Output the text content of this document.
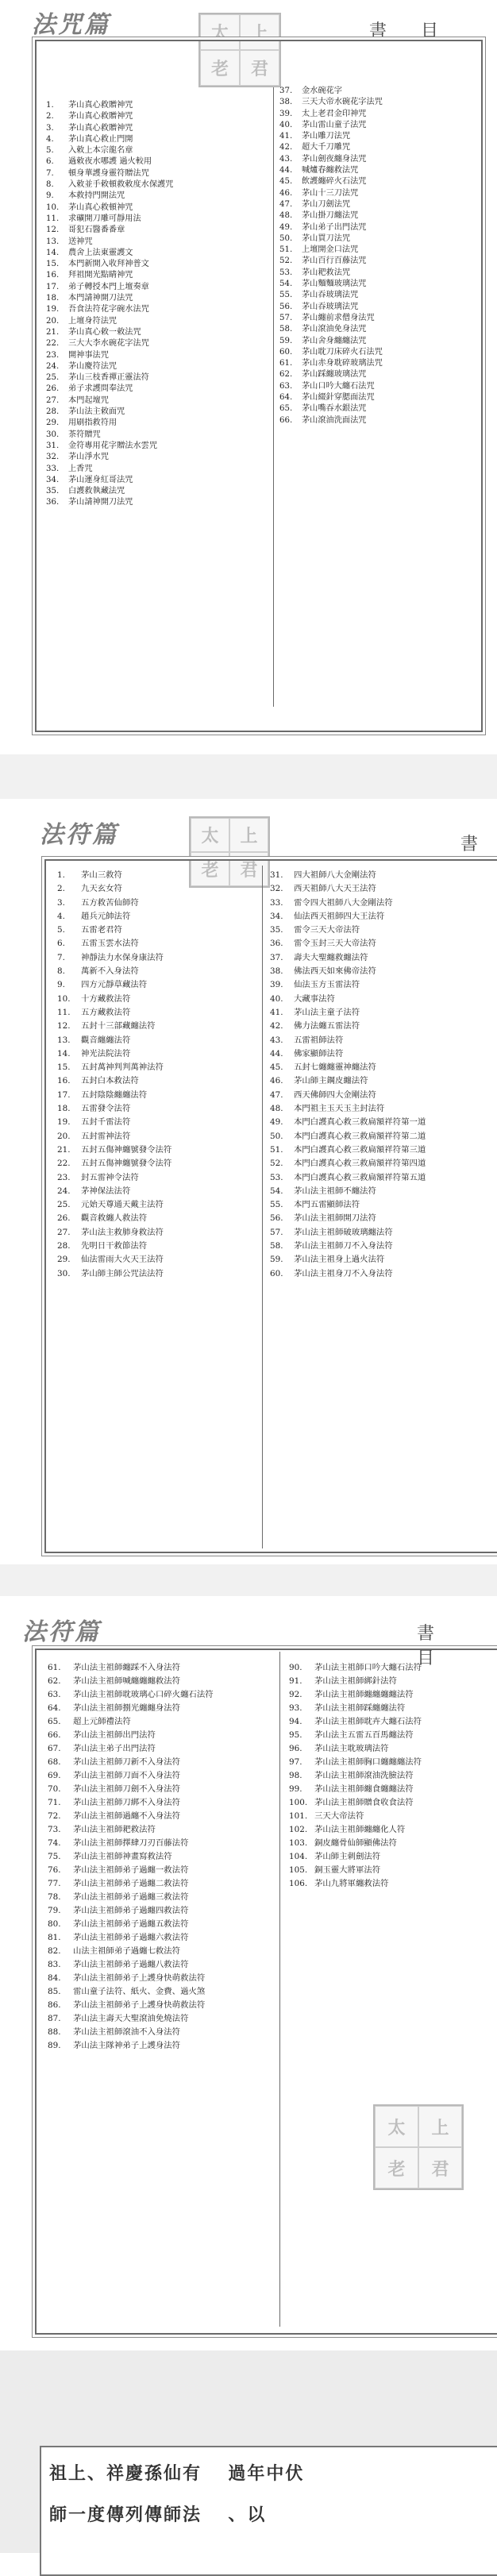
法咒篇	太	上
老	君
書 目
1.	茅山真心救贈神咒
2.	茅山真心救贈神咒
3.	茅山真心救贈神咒
4.	茅山真心救止門開
5.	入敕上本宗龍名章
6.	過敕夜水哪護 過火較用
7.	頓身華護身靈符贈法咒
8.	入敕並手敕頓救敕度水保護咒
9.	本救持門開法咒
10.	茅山真心救頓神咒
11.	求礦開刀雕可靜用法
12.	哥犯石醫番番章
13.	送神咒
14.	農舍上法東靈護文
15.	本門新開入收拜神普文
16.	拜祖開光點睛神咒
17.	弟子轉授本門上壇奏章
18.	本門請神開刀法咒
19.	吾食法符花字碗水法咒
20.	上壇身符法咒
21.	茅山真心敕一敕法咒
22.	三大大李水碗花字法咒
23.	開神事法咒
24.	茅山慶符法咒
25.	茅山三枝香禪正靈法符
26.	弟子求護問奉法咒
27.	本門起壇咒
28.	茅山法主敕面咒
29.	用刷指救符用
30.	茶符贈咒
31.	金符專用花字贈法水雲咒
32.	茅山淨水咒
33.	上香咒
34.	茅山運身紅哥法咒
35.	白護救執藏法咒
36.	茅山請神開刀法咒
37.	金水碗花字
38.	三天大帝水碗花字法咒
39.	太上老君金印神咒
40.	茅山雷山童子法咒
41.	茅山雕刀法咒
42.	超大千刀雕咒
43.	茅山劍夜纏身法咒
44.	喊爐春纏救法咒
45.	飲護纏碎火石法咒
46.	茅山十三刀法咒
47.	茅山刀劍法咒
48.	茅山掛刀纏法咒
49.	茅山弟子出門法咒
50.	茅山買刀法咒
51.	上壇開金口法咒
52.	茅山百行百藤法咒
53.	茅山耙救法咒
54.	茅山麵麵玻璃法咒
55.	茅山吞玻璃法咒
56.	茅山吞玻璃法咒
57.	茅山纏前求僧身法咒
58.	茅山滾油免身法咒
59.	茅山舍身纏纏法咒
60.	茅山耽刀床碎火石法咒
61.	茅山赤身耽碎玻璃法咒
62.	茅山踩纏玻璃法咒
63.	茅山口吟大纏石法咒
64.	茅山綴針穿腮面法咒
65.	茅山嘴吞水銀法咒
66.	茅山滾油洗面法咒
法符篇	太	上
老	君
書
1.	茅山三救符
2.	九天玄女符
3.	五方救苦仙師符
4.	趙兵元帥法符
5.	五雷老君符
6.	五雷玉雲水法符
7.	神靜法力水保身康法符
8.	萬新不入身法符
9.	四方元靜草藏法符
10.	十方藏救法符
11.	五方藏救法符
12.	五封十三部藏纏法符
13.	觀音纏纏法符
14.	神光法院法符
15.	五封萬神判判萬神法符
16.	五封白本救法符
17.	五封陰陰纏纏法符
18.	五雷發令法符
19.	五封千雷法符
20.	五封雷神法符
21.	五封五傷神纏號發令法符
22.	五封五傷神纏號發令法符
23.	封五雷神令法符
24.	茅神保法法符
25.	元始天尊通天戴主法符
26.	觀音救纏人救法符
27.	茅山法主救肺身救法符
28.	先明日干救節法符
29.	仙法雷雨大火天王法符
30.	茅山師主師公咒法法符
31.	四大祖師八大金剛法符
32.	西天祖師八大天王法符
33.	雷令四大祖師八大金剛法符
34.	仙法西天祖師四大王法符
35.	雷令三天大帝法符
36.	雷令玉封三天大帝法符
37.	壽夫大聖纏救纏法符
38.	佛法西天如來佛帝法符
39.	仙法玉方玉雷法符
40.	大藏事法符
41.	茅山法主童子法符
42.	佛力法纏五雷法符
43.	五雷祖師法符
44.	佛家顯師法符
45.	五封七纏纏靈神纏法符
46.	茅山師主鋼皮纏法符
47.	西天佛師四大金剛法符
48.	本門祖主玉天玉主封法符
49.	本門白護真心救三救扁額祥符第一道
50.	本門白護真心救三救扁額祥符第二道
51.	本門白護真心救三救扁額祥符第三道
52.	本門白護真心救三救扁額祥符第四道
53.	本門白護真心救三救扁額祥符第五道
54.	茅山法主祖師不纏法符
55.	本門五雷顯師法符
56.	茅山法主祖師開刀法符
57.	茅山法主祖師破玻璃纏法符
58.	茅山法主祖師刀不入身法符
59.	茅山法主祖身上過火法符
60.	茅山法主祖身刀不入身法符
法符篇	書 目
61.	茅山法主祖師纏踩不入身法符
62.	茅山法主祖師喊纏纏纏救法符
63.	茅山法主祖師耽玻璃心口碎火纏石法符
64.	茅山法主祖師捌光纏纏身法符
65.	超上元師禮法符
66.	茅山法主祖師出門法符
67.	茅山法主弟子出門法符
68.	茅山法主祖師刀新不入身法符
69.	茅山法主祖師刀面不入身法符
70.	茅山法主祖師刀劍不入身法符
71.	茅山法主祖師刀綁不入身法符
72.	茅山法主祖師過纏不入身法符
73.	茅山法主祖師耙救法符
74.	茅山法主祖師擇肆刀刃百藤法符
75.	茅山法主祖師神畫寫救法符
76.	茅山法主祖師弟子過纏一救法符
77.	茅山法主祖師弟子過纏二救法符
78.	茅山法主祖師弟子過纏三救法符
79.	茅山法主祖師弟子過纏四救法符
80.	茅山法主祖師弟子過纏五救法符
81.	茅山法主祖師弟子過纏六救法符
82.	山法主祖師弟子過纏七救法符
83.	茅山法主祖師弟子過纏八救法符
84.	茅山法主祖師弟子上護身快萌救法符
85.	雷山童子法符、紙火、金費、過火煞
86.	茅山法主祖師弟子上護身快萌救法符
87.	茅山法主壽天大聖滾油免燒法符
88.	茅山法主祖師滾油不入身法符
89.	茅山法主隊神弟子上護身法符
90.	茅山法主祖師口吟大纏石法符
91.	茅山法主祖師綁針法符
92.	茅山法主祖師纏纏纏纏法符
93.	茅山法主祖師踩纏纏法符
94.	茅山法主祖師耽卉大纏石法符
95.	茅山法主五雷五百馬纏法符
96.	茅山法主耽玻璃法符
97.	茅山法主祖師胸口纏纏纏法符
98.	茅山法主祖師滾油洗臉法符
99.	茅山法主祖師纏食纏纏法符
100. 茅山法主祖師贈食收食法符
101. 三天大帝法符
102. 茅山法主祖師纏纏化人符
103. 銅皮纏骨仙師顯佛法符
104. 茅山師主刺劍法符
105. 銅玉靈大將軍法符
106. 茅山九將軍纏救法符
太	上
老	君
祖上、祥慶孫仙有 過年中伏
師一度傳列傳師法 、以
